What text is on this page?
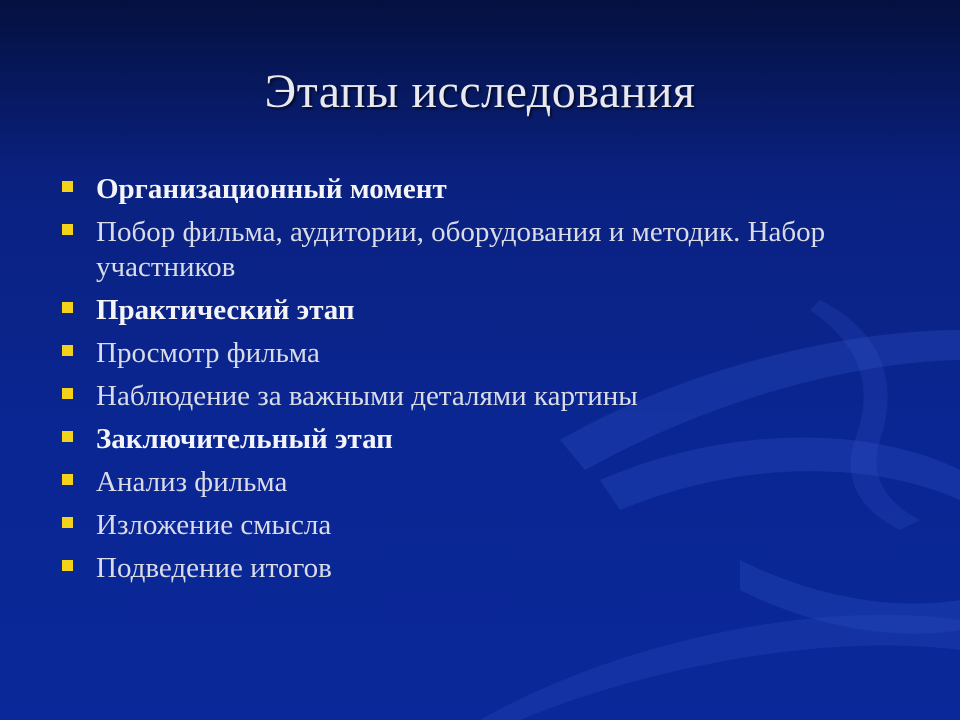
Этапы исследования
Организационный момент
Побор фильма, аудитории, оборудования и методик. Набор участников
Практический этап
Просмотр фильма
Наблюдение за важными деталями картины
Заключительный этап
Анализ фильма
Изложение смысла
Подведение итогов
